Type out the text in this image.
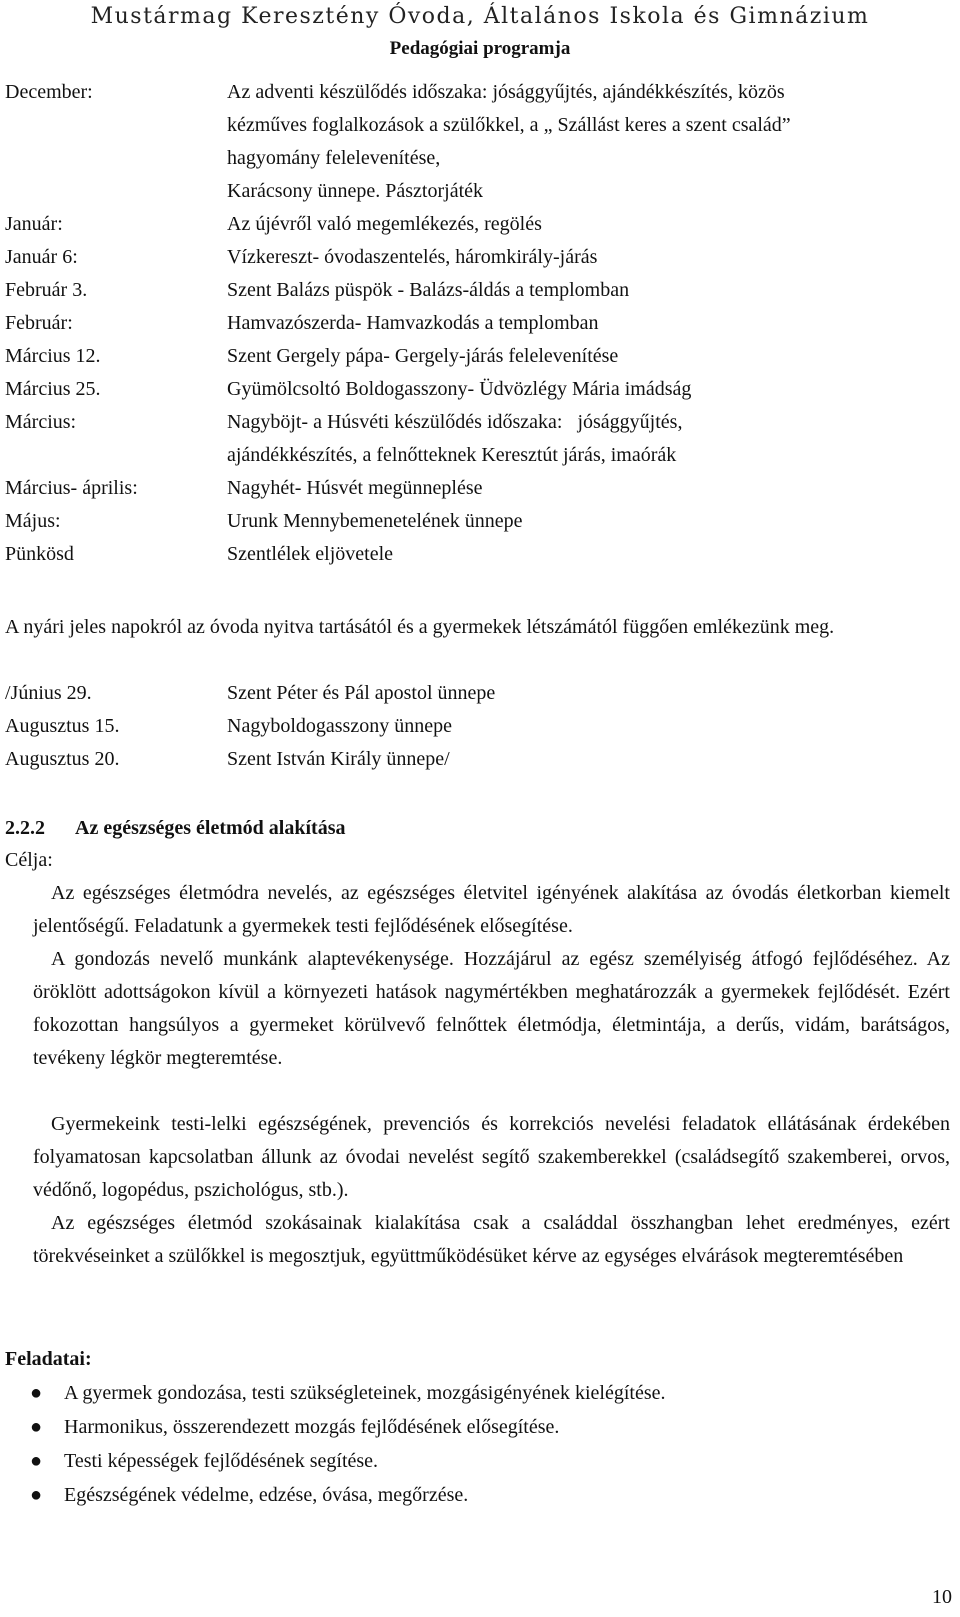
Mustármag Keresztény Óvoda, Általános Iskola és Gimnázium
Pedagógiai programja
December:	Az adventi készülődés időszaka: jósággyűjtés, ajándékkészítés, közös
kézműves foglalkozások a szülőkkel, a „ Szállást keres a szent család”
hagyomány felelevenítése,
Karácsony ünnepe. Pásztorjáték
Január:	Az újévről való megemlékezés, regölés
Január 6:	Vízkereszt- óvodaszentelés, háromkirály-járás
Február 3.	Szent Balázs püspök - Balázs-áldás a templomban
Február:	Hamvazószerda- Hamvazkodás a templomban
Március 12.	Szent Gergely pápa- Gergely-járás felelevenítése
Március 25.	Gyümölcsoltó Boldogasszony- Üdvözlégy Mária imádság
Március:	Nagyböjt- a Húsvéti készülődés időszaka:   jósággyűjtés,
ajándékkészítés, a felnőtteknek Keresztút járás, imaórák
Március- április:	Nagyhét- Húsvét megünneplése
Május:	Urunk Mennybemenetelének ünnepe
Pünkösd	Szentlélek eljövetele
A nyári jeles napokról az óvoda nyitva tartásától és a gyermekek létszámától függően emlékezünk meg.
/Június 29.	Szent Péter és Pál apostol ünnepe
Augusztus 15.	Nagyboldogasszony ünnepe
Augusztus 20.	Szent István Király ünnepe/
2.2.2 Az egészséges életmód alakítása
Célja:
Az egészséges életmódra nevelés, az egészséges életvitel igényének alakítása az óvodás életkorban kiemelt jelentőségű. Feladatunk a gyermekek testi fejlődésének elősegítése.
A gondozás nevelő munkánk alaptevékenysége. Hozzájárul az egész személyiség átfogó fejlődéséhez. Az öröklött adottságokon kívül a környezeti hatások nagymértékben meghatározzák a gyermekek fejlődését. Ezért fokozottan hangsúlyos a gyermeket körülvevő felnőttek életmódja, életmintája, a derűs, vidám, barátságos, tevékeny légkör megteremtése.
Gyermekeink testi-lelki egészségének, prevenciós és korrekciós nevelési feladatok ellátásának érdekében folyamatosan kapcsolatban állunk az óvodai nevelést segítő szakemberekkel (családsegítő szakemberei, orvos, védőnő, logopédus, pszichológus, stb.).
Az egészséges életmód szokásainak kialakítása csak a családdal összhangban lehet eredményes, ezért törekvéseinket a szülőkkel is megosztjuk, együttműködésüket kérve az egységes elvárások megteremtésében
Feladatai:
● A gyermek gondozása, testi szükségleteinek, mozgásigényének kielégítése.
● Harmonikus, összerendezett mozgás fejlődésének elősegítése.
● Testi képességek fejlődésének segítése.
● Egészségének védelme, edzése, óvása, megőrzése.
10
